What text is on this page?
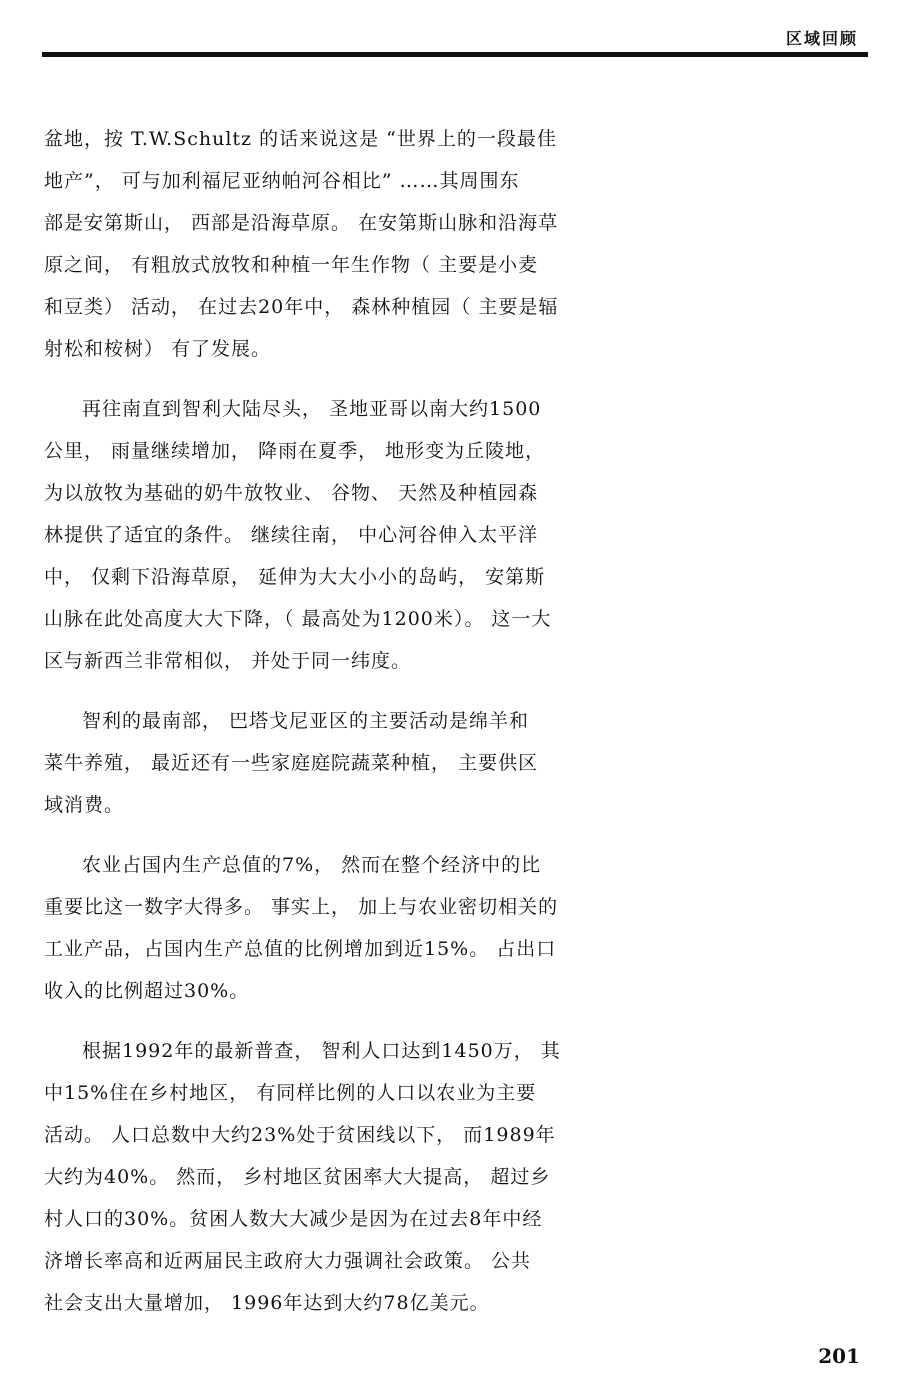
区域回顾

盆地，按 T.W.Schultz 的话来说这是 “世界上的一段最佳
地产”， 可与加利福尼亚纳帕河谷相比” ……其周围东
部是安第斯山， 西部是沿海草原。 在安第斯山脉和沿海草
原之间， 有粗放式放牧和种植一年生作物（ 主要是小麦
和豆类） 活动， 在过去20年中， 森林种植园（ 主要是辐
射松和桉树） 有了发展。

再往南直到智利大陆尽头， 圣地亚哥以南大约1500
公里， 雨量继续增加， 降雨在夏季， 地形变为丘陵地，
为以放牧为基础的奶牛放牧业、 谷物、 天然及种植园森
林提供了适宜的条件。 继续往南， 中心河谷伸入太平洋
中， 仅剩下沿海草原， 延伸为大大小小的岛屿， 安第斯
山脉在此处高度大大下降，（ 最高处为1200米）。 这一大
区与新西兰非常相似， 并处于同一纬度。

智利的最南部， 巴塔戈尼亚区的主要活动是绵羊和
菜牛养殖， 最近还有一些家庭庭院蔬菜种植， 主要供区
域消费。

农业占国内生产总值的7%， 然而在整个经济中的比
重要比这一数字大得多。 事实上， 加上与农业密切相关的
工业产品，占国内生产总值的比例增加到近15%。 占出口
收入的比例超过30%。

根据1992年的最新普查， 智利人口达到1450万， 其
中15%住在乡村地区， 有同样比例的人口以农业为主要
活动。 人口总数中大约23%处于贫困线以下， 而1989年
大约为40%。 然而， 乡村地区贫困率大大提高， 超过乡
村人口的30%。贫困人数大大减少是因为在过去8年中经
济增长率高和近两届民主政府大力强调社会政策。 公共
社会支出大量增加， 1996年达到大约78亿美元。

201
